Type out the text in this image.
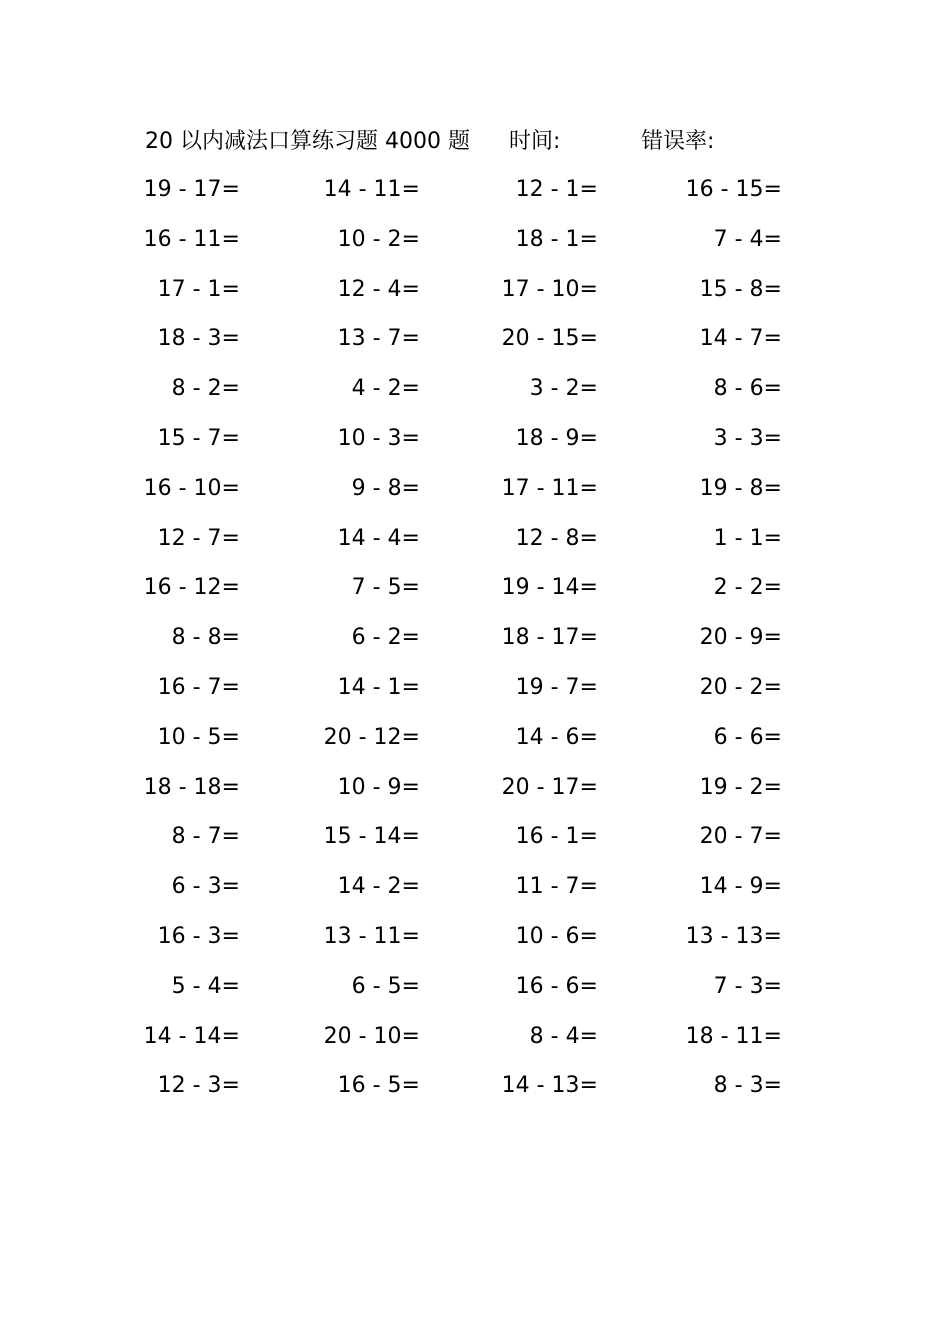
20 以内减法口算练习题 4000 题 时间:	错误率:
19 - 17=	14 - 11=	12 - 1=	16 - 15=
16 - 11=	10 - 2=	18 - 1=	7 - 4=
17 - 1=	12 - 4=	17 - 10=	15 - 8=
18 - 3=	13 - 7=	20 - 15=	14 - 7=
8 - 2=	4 - 2=	3 - 2=	8 - 6=
15 - 7=	10 - 3=	18 - 9=	3 - 3=
16 - 10=	9 - 8=	17 - 11=	19 - 8=
12 - 7=	14 - 4=	12 - 8=	1 - 1=
16 - 12=	7 - 5=	19 - 14=	2 - 2=
8 - 8=	6 - 2=	18 - 17=	20 - 9=
16 - 7=	14 - 1=	19 - 7=	20 - 2=
10 - 5=	20 - 12=	14 - 6=	6 - 6=
18 - 18=	10 - 9=	20 - 17=	19 - 2=
8 - 7=	15 - 14=	16 - 1=	20 - 7=
6 - 3=	14 - 2=	11 - 7=	14 - 9=
16 - 3=	13 - 11=	10 - 6=	13 - 13=
5 - 4=	6 - 5=	16 - 6=	7 - 3=
14 - 14=	20 - 10=	8 - 4=	18 - 11=
12 - 3=	16 - 5=	14 - 13=	8 - 3=
